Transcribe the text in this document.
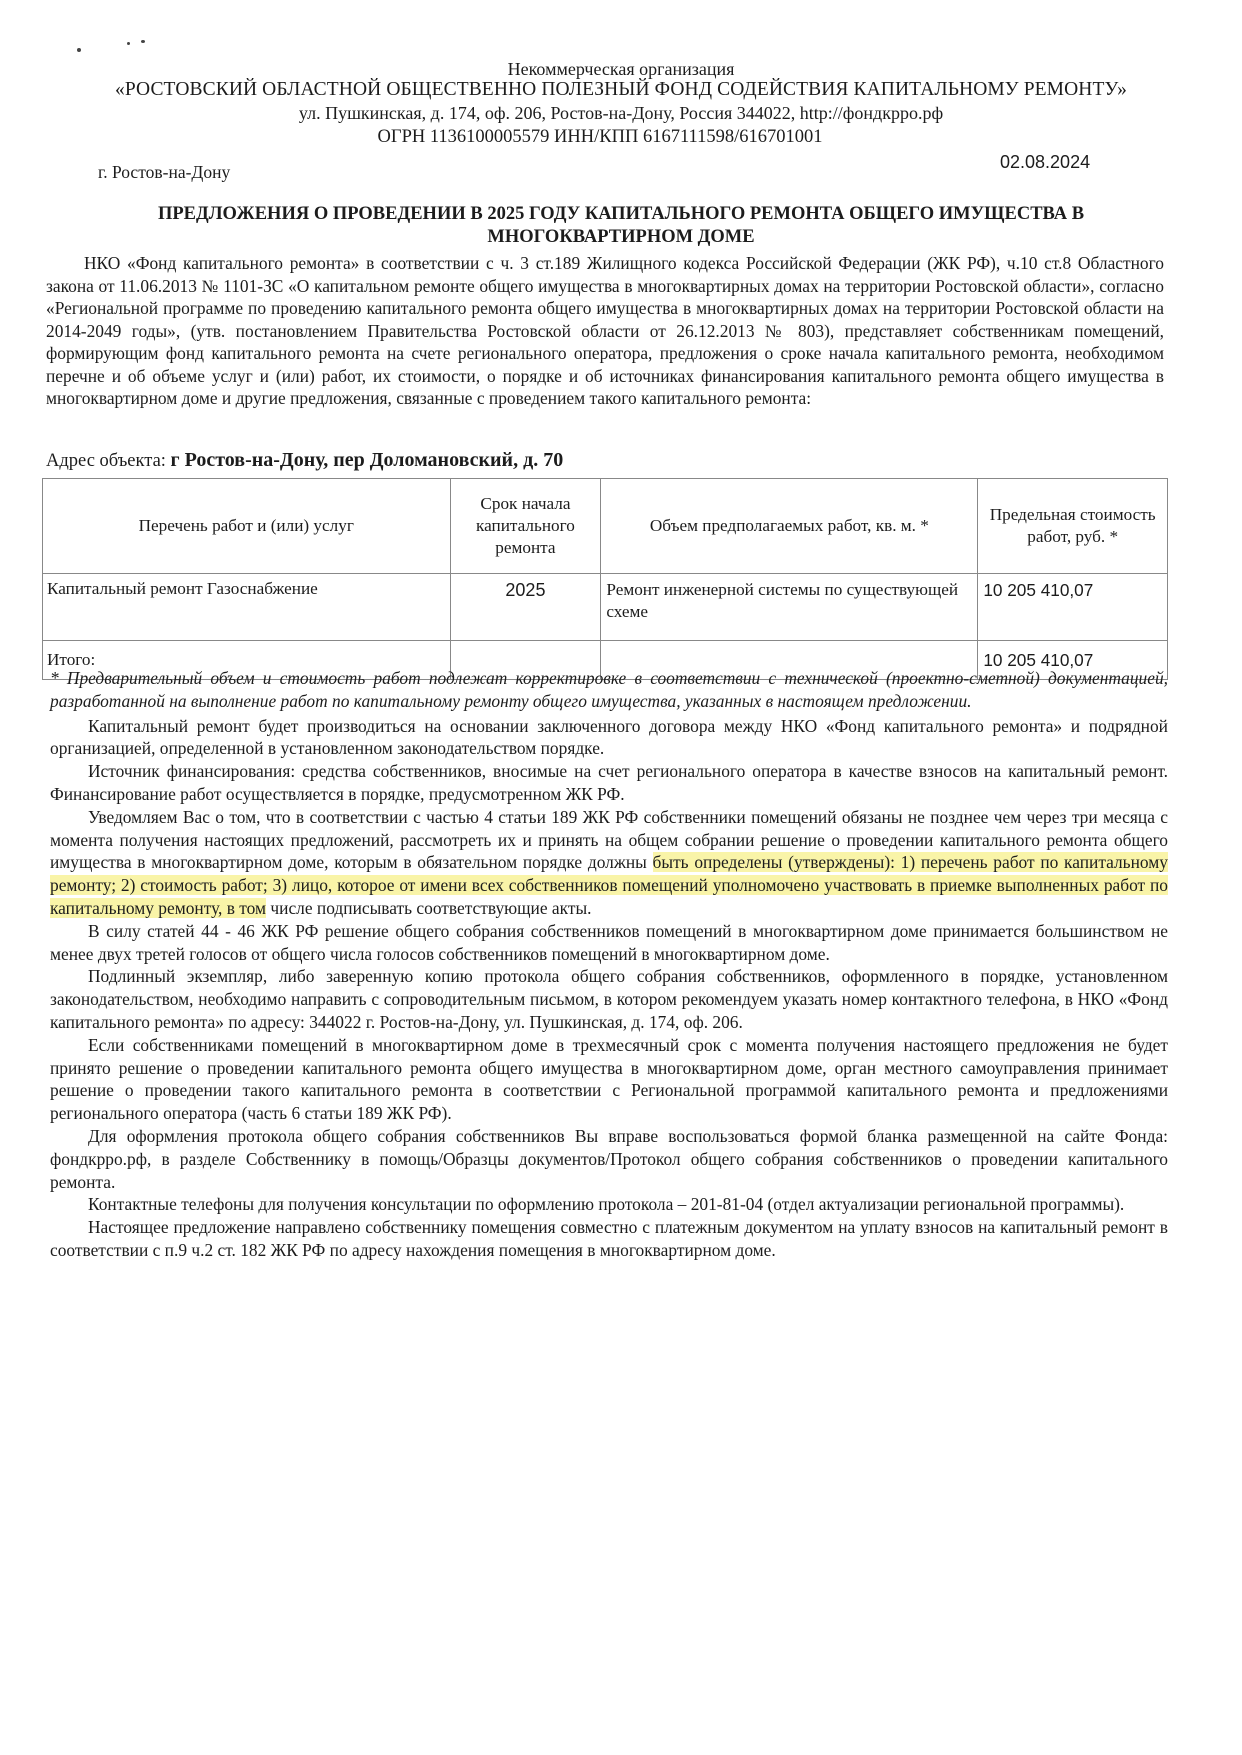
Некоммерческая организация
«РОСТОВСКИЙ ОБЛАСТНОЙ ОБЩЕСТВЕННО ПОЛЕЗНЫЙ ФОНД СОДЕЙСТВИЯ КАПИТАЛЬНОМУ РЕМОНТУ»
ул. Пушкинская, д. 174, оф. 206, Ростов-на-Дону, Россия 344022, http://фондкрро.рф
ОГРН 1136100005579 ИНН/КПП 6167111598/616701001
г. Ростов-на-Дону	02.08.2024
ПРЕДЛОЖЕНИЯ О ПРОВЕДЕНИИ В 2025 ГОДУ КАПИТАЛЬНОГО РЕМОНТА ОБЩЕГО ИМУЩЕСТВА В МНОГОКВАРТИРНОМ ДОМЕ

НКО «Фонд капитального ремонта» в соответствии с ч. 3 ст.189 Жилищного кодекса Российской Федерации (ЖК РФ), ч.10 ст.8 Областного закона от 11.06.2013 № 1101-ЗС «О капитальном ремонте общего имущества в многоквартирных домах на территории Ростовской области», согласно «Региональной программе по проведению капитального ремонта общего имущества в многоквартирных домах на территории Ростовской области на 2014-2049 годы», (утв. постановлением Правительства Ростовской области от 26.12.2013 № 803), представляет собственникам помещений, формирующим фонд капитального ремонта на счете регионального оператора, предложения о сроке начала капитального ремонта, необходимом перечне и об объеме услуг и (или) работ, их стоимости, о порядке и об источниках финансирования капитального ремонта общего имущества в многоквартирном доме и другие предложения, связанные с проведением такого капитального ремонта:

Адрес объекта: г Ростов-на-Дону, пер Доломановский, д. 70
Перечень работ и (или) услуг	Срок начала капитального ремонта	Объем предполагаемых работ, кв. м. *	Предельная стоимость работ, руб. *
Капитальный ремонт Газоснабжение	2025	Ремонт инженерной системы по существующей схеме	10 205 410,07
Итого:			10 205 410,07

* Предварительный объем и стоимость работ подлежат корректировке в соответствии с технической (проектно-сметной) документацией, разработанной на выполнение работ по капитальному ремонту общего имущества, указанных в настоящем предложении.

Капитальный ремонт будет производиться на основании заключенного договора между НКО «Фонд капитального ремонта» и подрядной организацией, определенной в установленном законодательством порядке.

Источник финансирования: средства собственников, вносимые на счет регионального оператора в качестве взносов на капитальный ремонт. Финансирование работ осуществляется в порядке, предусмотренном ЖК РФ.

Уведомляем Вас о том, что в соответствии с частью 4 статьи 189 ЖК РФ собственники помещений обязаны не позднее чем через три месяца с момента получения настоящих предложений, рассмотреть их и принять на общем собрании решение о проведении капитального ремонта общего имущества в многоквартирном доме, которым в обязательном порядке должны быть определены (утверждены): 1) перечень работ по капитальному ремонту; 2) стоимость работ; 3) лицо, которое от имени всех собственников помещений уполномочено участвовать в приемке выполненных работ по капитальному ремонту, в том числе подписывать соответствующие акты.

В силу статей 44 - 46 ЖК РФ решение общего собрания собственников помещений в многоквартирном доме принимается большинством не менее двух третей голосов от общего числа голосов собственников помещений в многоквартирном доме.

Подлинный экземпляр, либо заверенную копию протокола общего собрания собственников, оформленного в порядке, установленном законодательством, необходимо направить с сопроводительным письмом, в котором рекомендуем указать номер контактного телефона, в НКО «Фонд капитального ремонта» по адресу: 344022 г. Ростов-на-Дону, ул. Пушкинская, д. 174, оф. 206.

Если собственниками помещений в многоквартирном доме в трехмесячный срок с момента получения настоящего предложения не будет принято решение о проведении капитального ремонта общего имущества в многоквартирном доме, орган местного самоуправления принимает решение о проведении такого капитального ремонта в соответствии с Региональной программой капитального ремонта и предложениями регионального оператора (часть 6 статьи 189 ЖК РФ).

Для оформления протокола общего собрания собственников Вы вправе воспользоваться формой бланка размещенной на сайте Фонда: фондкрро.рф, в разделе Собственнику в помощь/Образцы документов/Протокол общего собрания собственников о проведении капитального ремонта.

Контактные телефоны для получения консультации по оформлению протокола – 201-81-04 (отдел актуализации региональной программы).

Настоящее предложение направлено собственнику помещения совместно с платежным документом на уплату взносов на капитальный ремонт в соответствии с п.9 ч.2 ст. 182 ЖК РФ по адресу нахождения помещения в многоквартирном доме.
